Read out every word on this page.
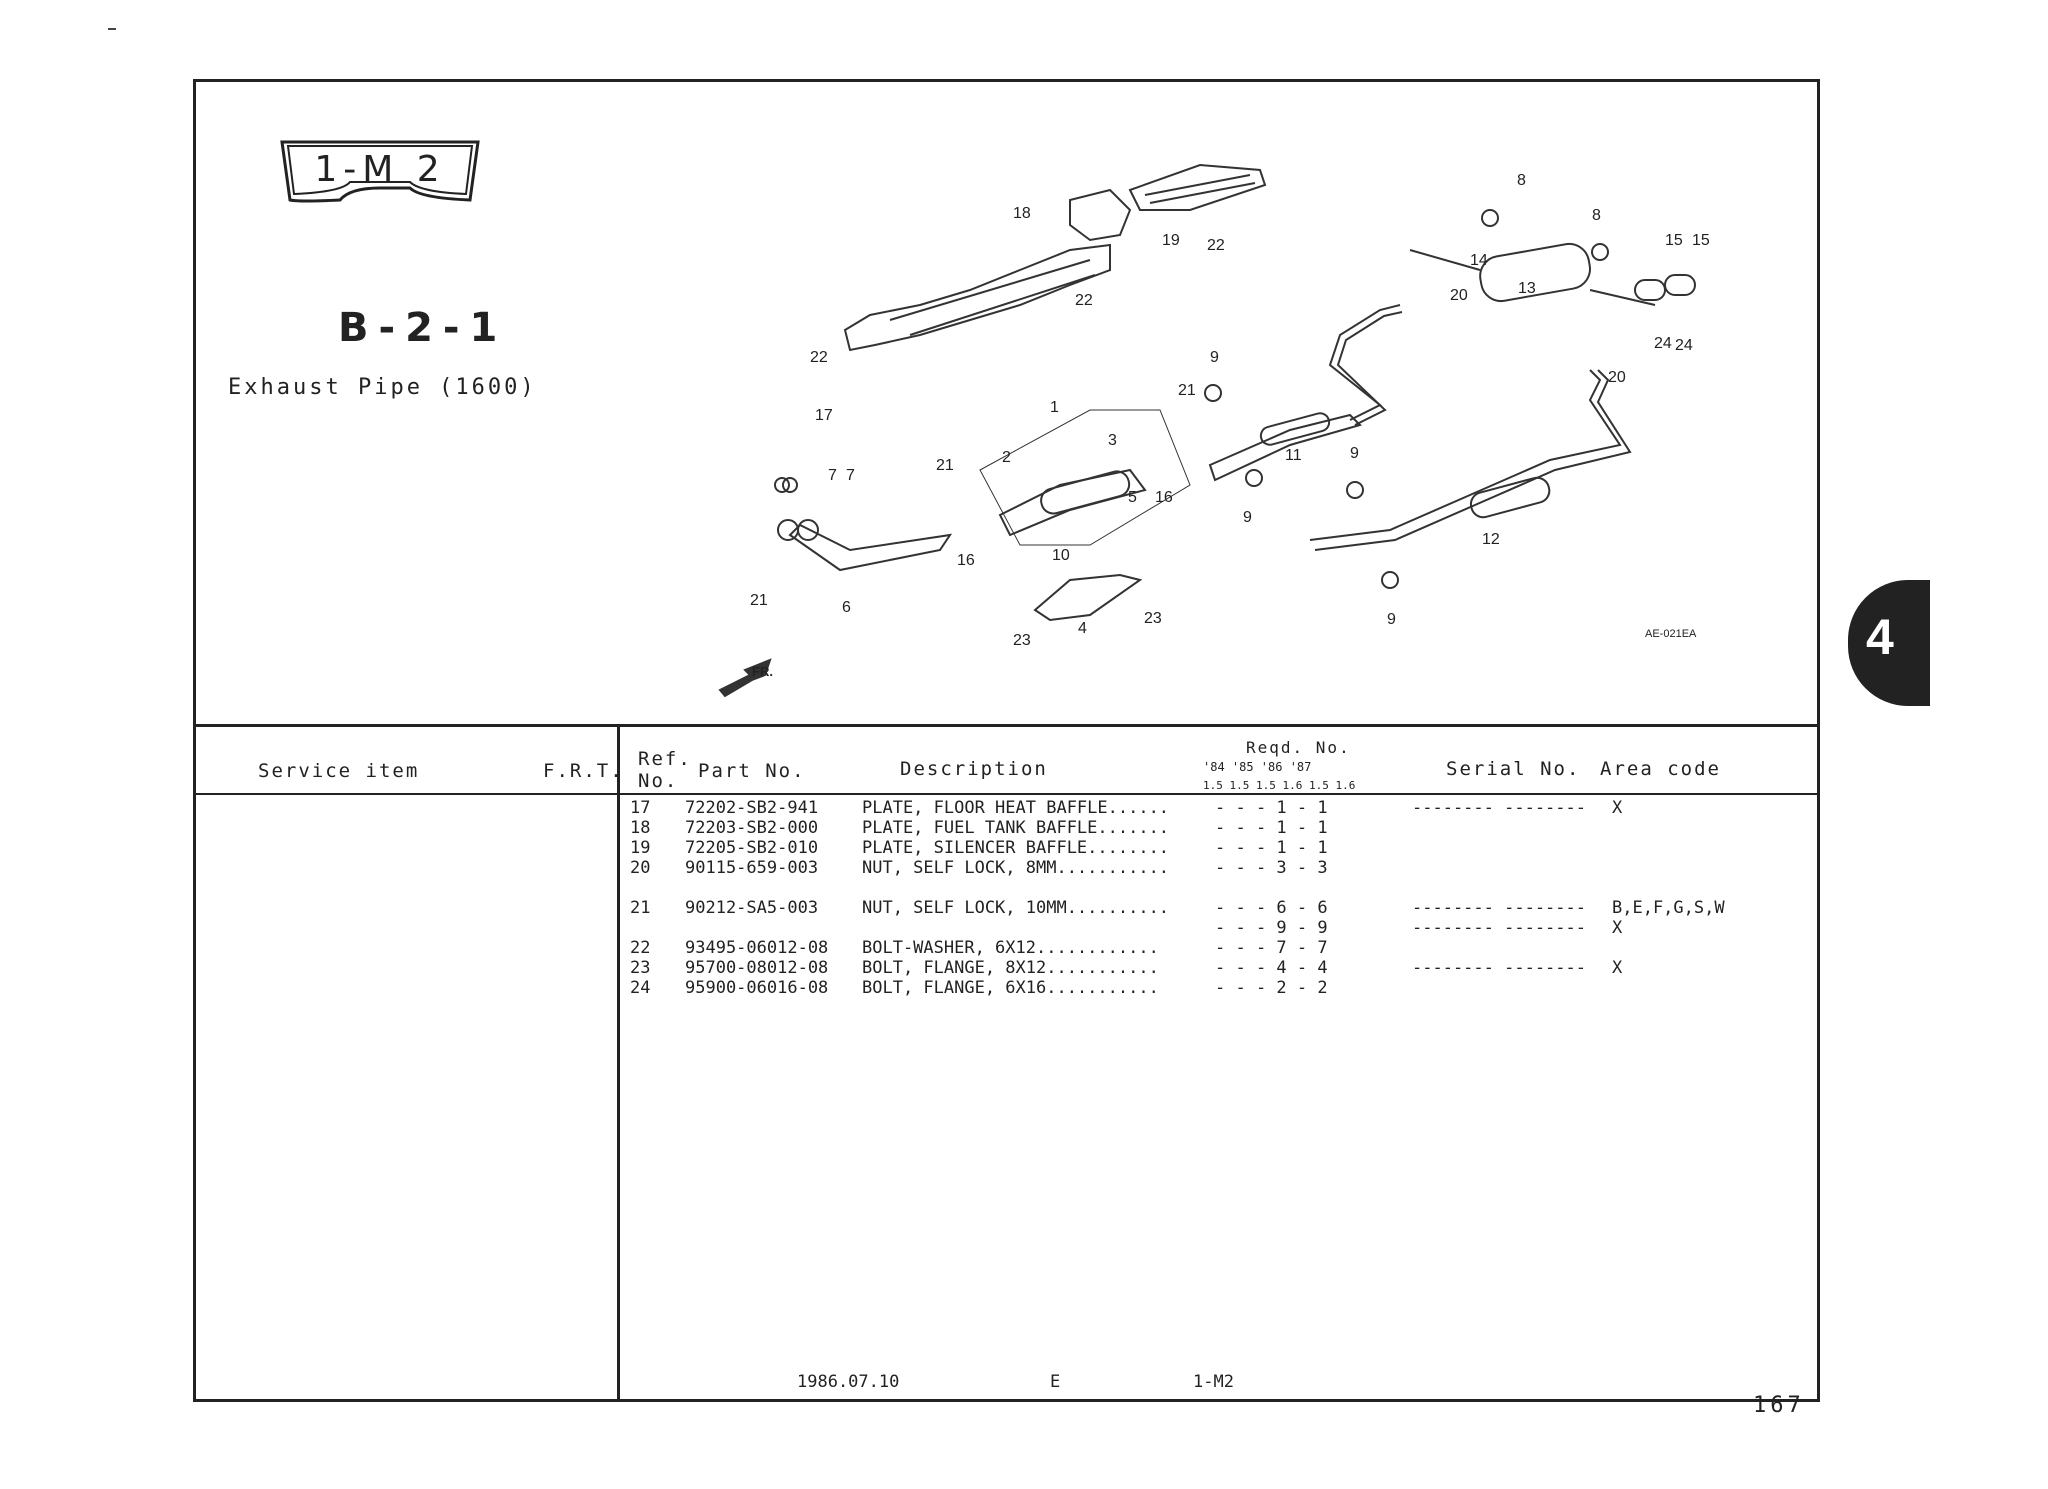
1-M 2
B-2-1
Exhaust Pipe (1600)
4
17
18
19 22
22
22
8
8
15 15
14
20	13
24 24
20
9
21
1
3
21	2
7 7
5 16
11	9
9
16	10
6
21
4
23
23
12
9
FR.
AE-021EA
Service item	F.R.T.
Ref.
No. Part No.	Description
Reqd. No.
'84 '85 '86 '87
1.5 1.5 1.5 1.6 1.5 1.6
Serial No. Area code
17 72202-SB2-941	PLATE, FLOOR HEAT BAFFLE......	- - - 1 - 1	-------- -------- X
18 72203-SB2-000	PLATE, FUEL TANK BAFFLE.......	- - - 1 - 1
19 72205-SB2-010	PLATE, SILENCER BAFFLE........	- - - 1 - 1
20 90115-659-003	NUT, SELF LOCK, 8MM...........	- - - 3 - 3
21 90212-SA5-003	NUT, SELF LOCK, 10MM..........	- - - 6 - 6	-------- -------- B,E,F,G,S,W
- - - 9 - 9	-------- -------- X
22 93495-06012-08 BOLT-WASHER, 6X12............	- - - 7 - 7
23 95700-08012-08 BOLT, FLANGE, 8X12...........	- - - 4 - 4	-------- -------- X
24 95900-06016-08 BOLT, FLANGE, 6X16...........	- - - 2 - 2
1986.07.10	E	1-M2
167
